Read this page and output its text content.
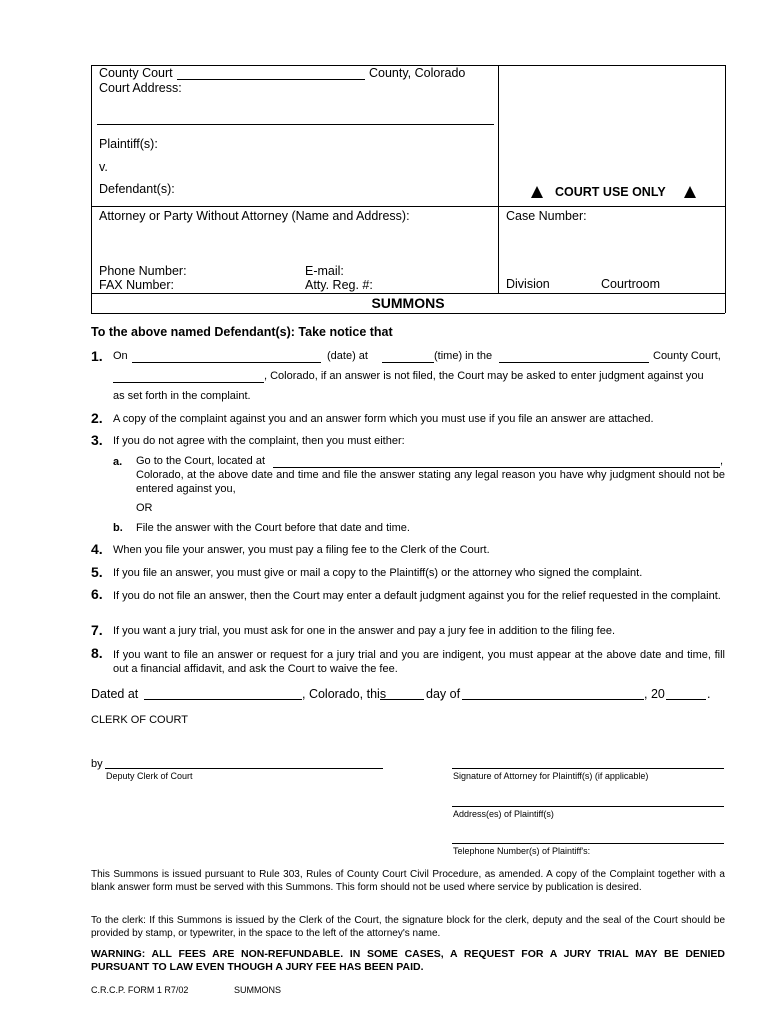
County Court	County, Colorado
Court Address:
Plaintiff(s):
v.
Defendant(s):	COURT USE ONLY
Attorney or Party Without Attorney (Name and Address):	Case Number:
Phone Number:	E-mail:
FAX Number:	Atty. Reg. #:	Division	Courtroom
SUMMONS
To the above named Defendant(s): Take notice that
1. On	(date) at	(time) in the	County Court,
, Colorado, if an answer is not filed, the Court may be asked to enter judgment against you
as set forth in the complaint.
2. A copy of the complaint against you and an answer form which you must use if you file an answer are attached.
3. If you do not agree with the complaint, then you must either:
a. Go to the Court, located at	,
Colorado, at the above date and time and file the answer stating any legal reason you have why judgment should not be entered against you,
OR
b. File the answer with the Court before that date and time.
4. When you file your answer, you must pay a filing fee to the Clerk of the Court.
5. If you file an answer, you must give or mail a copy to the Plaintiff(s) or the attorney who signed the complaint.
6. If you do not file an answer, then the Court may enter a default judgment against you for the relief requested in the complaint.
7. If you want a jury trial, you must ask for one in the answer and pay a jury fee in addition to the filing fee.
8. If you want to file an answer or request for a jury trial and you are indigent, you must appear at the above date and time, fill out a financial affidavit, and ask the Court to waive the fee.
Dated at	, Colorado, this	day of	, 20	.
CLERK OF COURT
by
Deputy Clerk of Court	Signature of Attorney for Plaintiff(s) (if applicable)
Address(es) of Plaintiff(s)
Telephone Number(s) of Plaintiff's:
This Summons is issued pursuant to Rule 303, Rules of County Court Civil Procedure, as amended. A copy of the Complaint together with a blank answer form must be served with this Summons. This form should not be used where service by publication is desired.
To the clerk: If this Summons is issued by the Clerk of the Court, the signature block for the clerk, deputy and the seal of the Court should be provided by stamp, or typewriter, in the space to the left of the attorney's name.
WARNING: ALL FEES ARE NON-REFUNDABLE. IN SOME CASES, A REQUEST FOR A JURY TRIAL MAY BE DENIED PURSUANT TO LAW EVEN THOUGH A JURY FEE HAS BEEN PAID.
C.R.C.P. FORM 1 R7/02	SUMMONS
